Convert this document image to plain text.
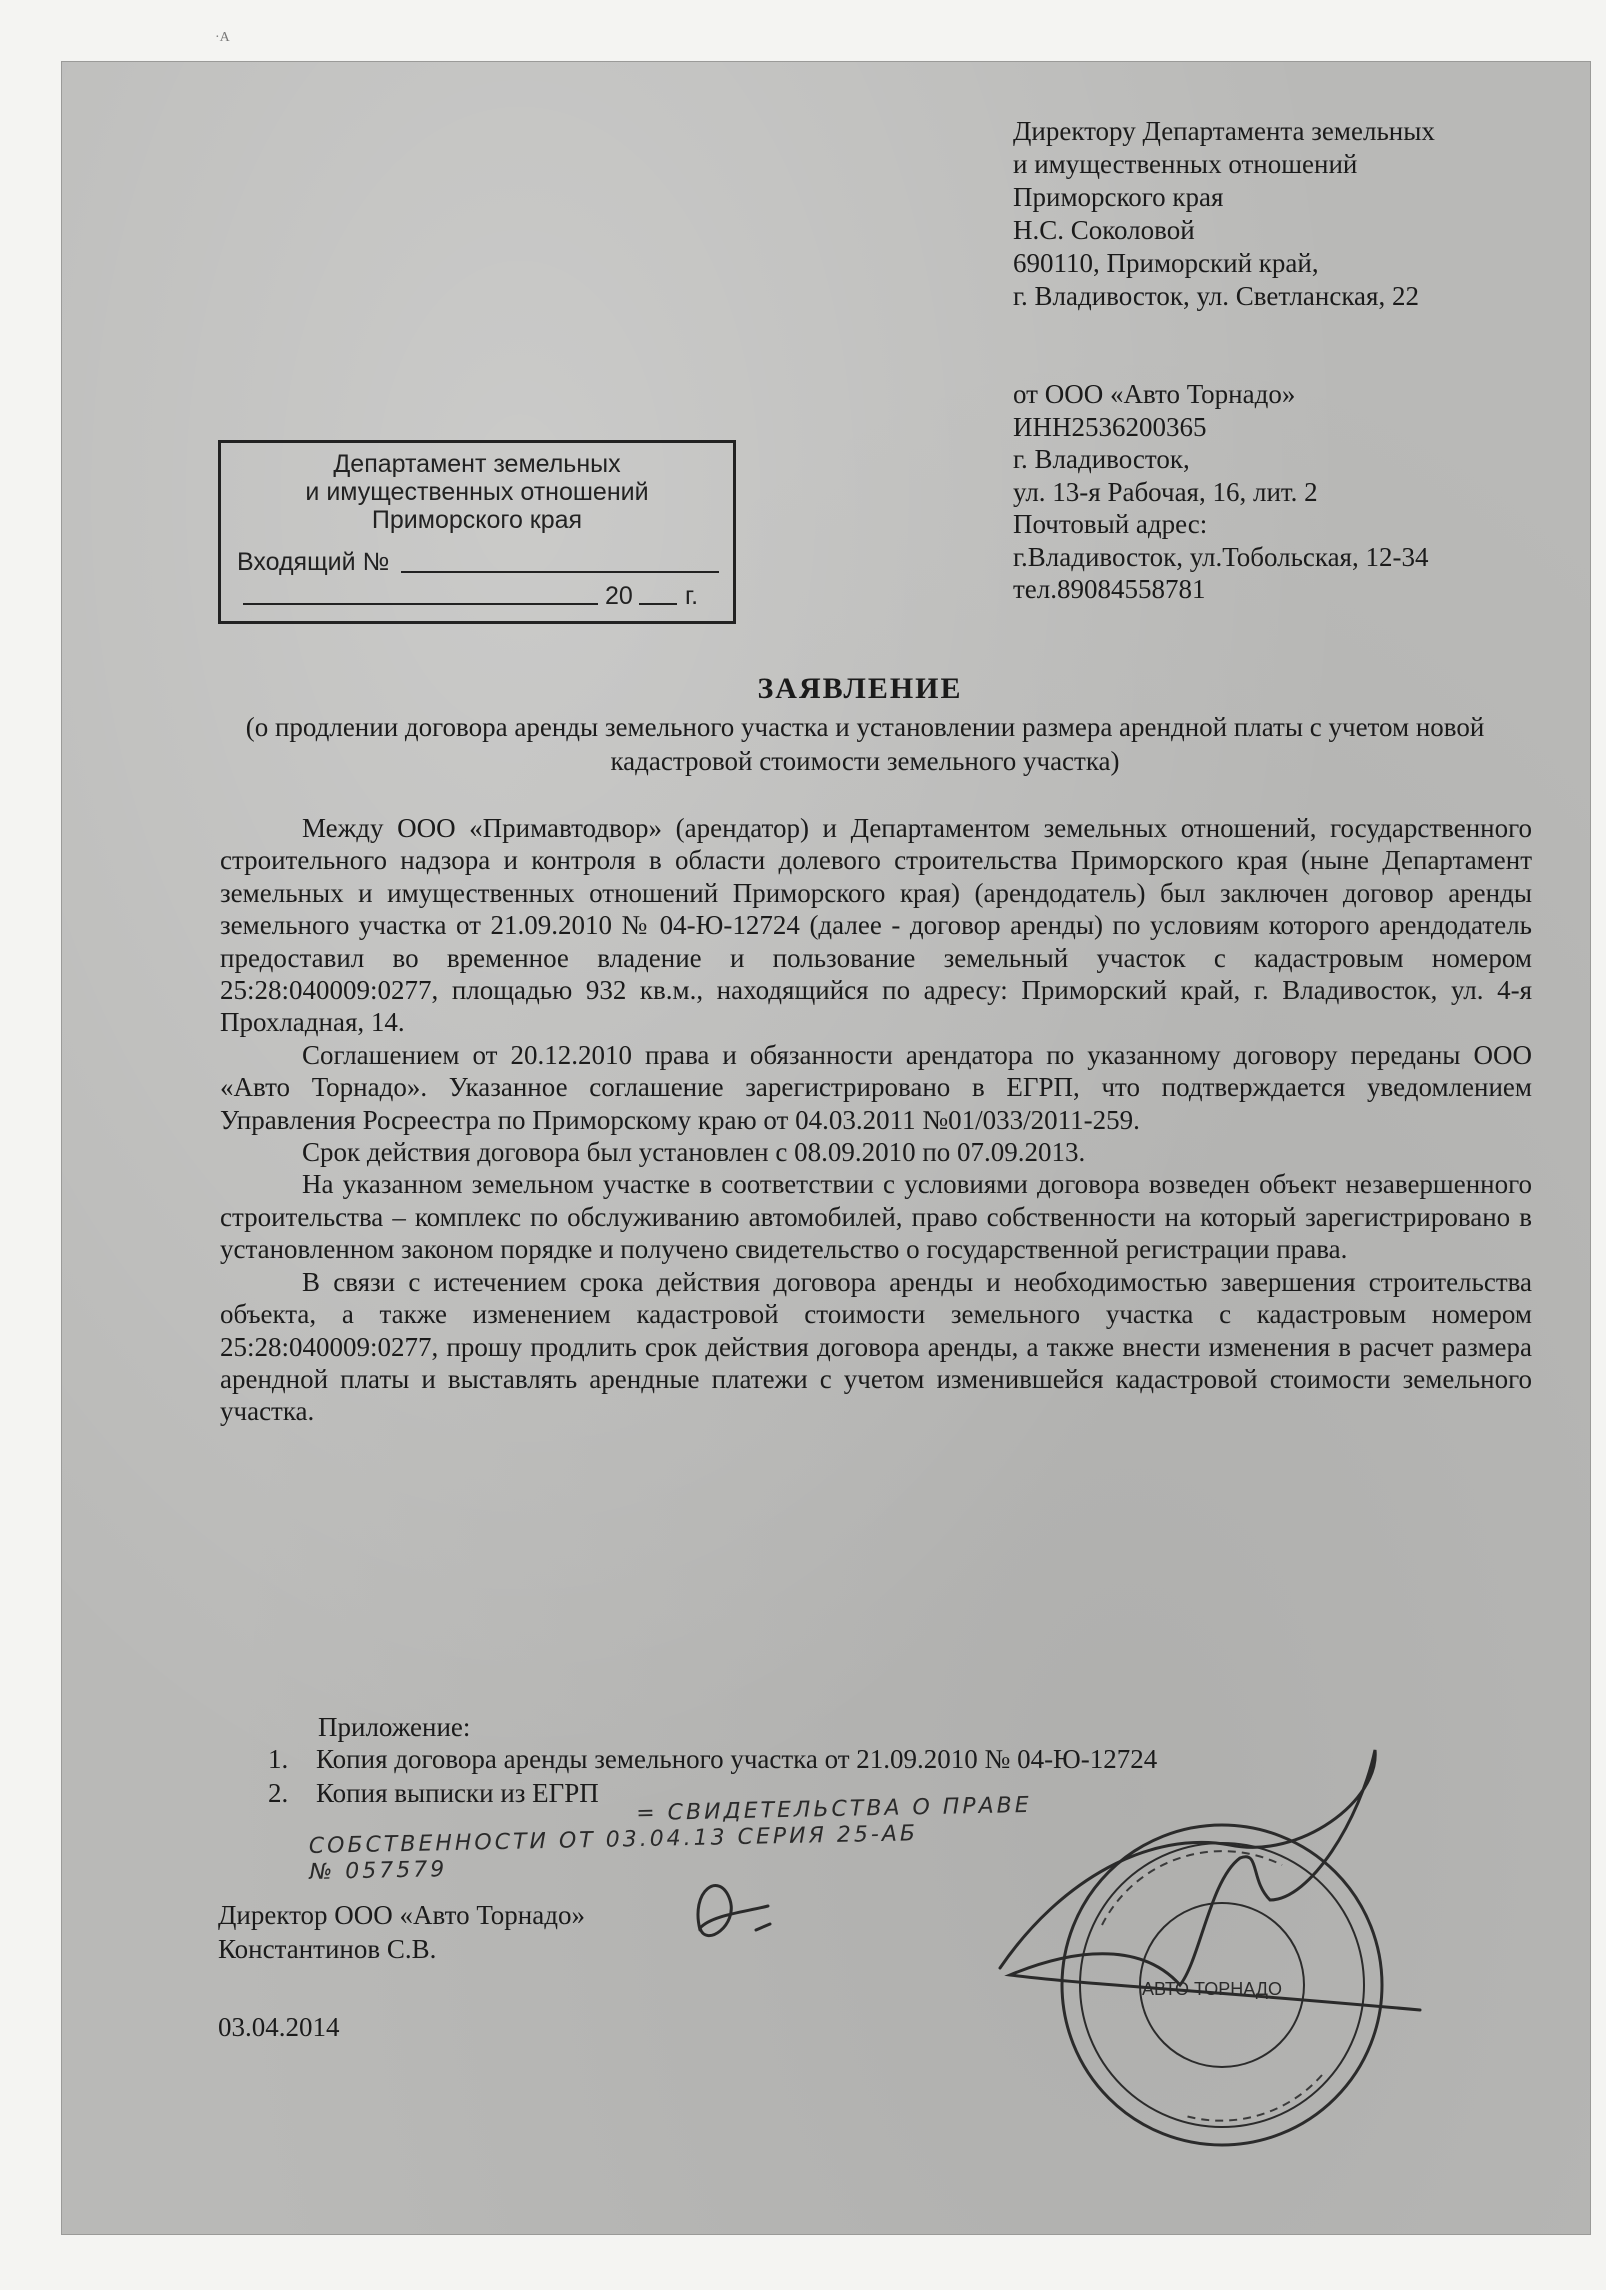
·A
Директору Департамента земельных
и имущественных отношений
Приморского края
Н.С. Соколовой
690110, Приморский край,
г. Владивосток, ул. Светланская, 22
от ООО «Авто Торнадо»
ИНН2536200365
г. Владивосток,
ул. 13-я Рабочая, 16, лит. 2
Почтовый адрес:
г.Владивосток, ул.Тобольская, 12-34
тел.89084558781
Департамент земельных
и имущественных отношений
Приморского края
Входящий №
20 г.
ЗАЯВЛЕНИЕ
(о продлении договора аренды земельного участка и установлении размера арендной платы с учетом новой кадастровой стоимости земельного участка)

Между ООО «Примавтодвор» (арендатор) и Департаментом земельных отношений, государственного строительного надзора и контроля в области долевого строительства Приморского края (ныне Департамент земельных и имущественных отношений Приморского края) (арендодатель) был заключен договор аренды земельного участка от 21.09.2010 № 04-Ю-12724 (далее - договор аренды) по условиям которого арендодатель предоставил во временное владение и пользование земельный участок с кадастровым номером 25:28:040009:0277, площадью 932 кв.м., находящийся по адресу: Приморский край, г. Владивосток, ул. 4-я Прохладная, 14.

Соглашением от 20.12.2010 права и обязанности арендатора по указанному договору переданы ООО «Авто Торнадо». Указанное соглашение зарегистрировано в ЕГРП, что подтверждается уведомлением Управления Росреестра по Приморскому краю от 04.03.2011 №01/033/2011-259.

Срок действия договора был установлен с 08.09.2010 по 07.09.2013.

На указанном земельном участке в соответствии с условиями договора возведен объект незавершенного строительства – комплекс по обслуживанию автомобилей, право собственности на который зарегистрировано в установленном законом порядке и получено свидетельство о государственной регистрации права.

В связи с истечением срока действия договора аренды и необходимостью завершения строительства объекта, а также изменением кадастровой стоимости земельного участка с кадастровым номером 25:28:040009:0277, прошу продлить срок действия договора аренды, а также внести изменения в расчет размера арендной платы и выставлять арендные платежи с учетом изменившейся кадастровой стоимости земельного участка.

Приложение:
1. Копия договора аренды земельного участка от 21.09.2010 № 04-Ю-12724
2. Копия выписки из ЕГРП	= СВИДЕТЕЛЬСТВА О ПРАВЕ
СОБСТВЕННОСТИ ОТ 03.04.13 СЕРИЯ 25-АБ
№ 057579
Директор ООО «Авто Торнадо»
Константинов С.В.
03.04.2014
АВТО ТОРНАДО
